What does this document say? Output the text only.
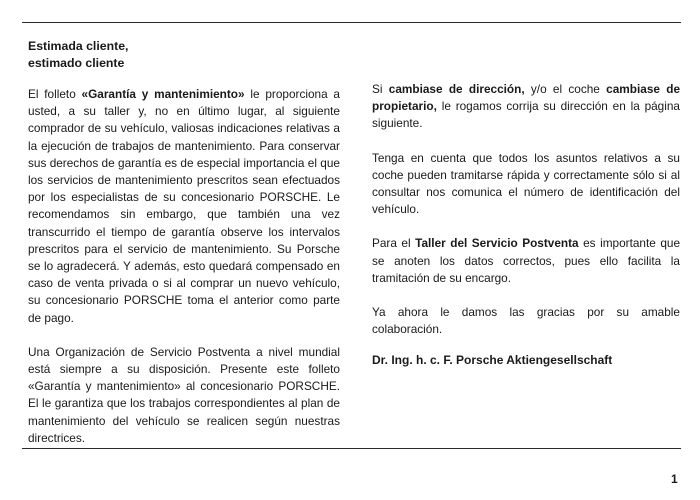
Estimada cliente,
estimado cliente

El folleto «Garantía y mantenimiento» le proporciona a usted, a su taller y, no en último lugar, al siguiente comprador de su vehículo, valiosas indicaciones relativas a la ejecución de trabajos de mantenimiento. Para conservar sus derechos de garantía es de especial importancia el que los servicios de mantenimiento prescritos sean efectuados por los especialistas de su concesionario PORSCHE. Le recomendamos sin embargo, que también una vez transcurrido el tiempo de garantía observe los intervalos prescritos para el servicio de mantenimiento. Su Porsche se lo agradecerá. Y además, esto quedará compensado en caso de venta privada o si al comprar un nuevo vehículo, su concesionario PORSCHE toma el anterior como parte de pago.

Una Organización de Servicio Postventa a nivel mundial está siempre a su disposición. Presente este folleto «Garantía y mantenimiento» al concesionario PORSCHE. El le garantiza que los trabajos correspondientes al plan de mantenimiento del vehículo se realicen según nuestras directrices.

Si cambiase de dirección, y/o el coche cambiase de propietario, le rogamos corrija su dirección en la página siguiente.

Tenga en cuenta que todos los asuntos relativos a su coche pueden tramitarse rápida y correctamente sólo si al consultar nos comunica el número de identificación del vehículo.

Para el Taller del Servicio Postventa es importante que se anoten los datos correctos, pues ello facilita la tramitación de su encargo.

Ya ahora le damos las gracias por su amable colaboración.

Dr. Ing. h. c. F. Porsche Aktiengesellschaft
1
